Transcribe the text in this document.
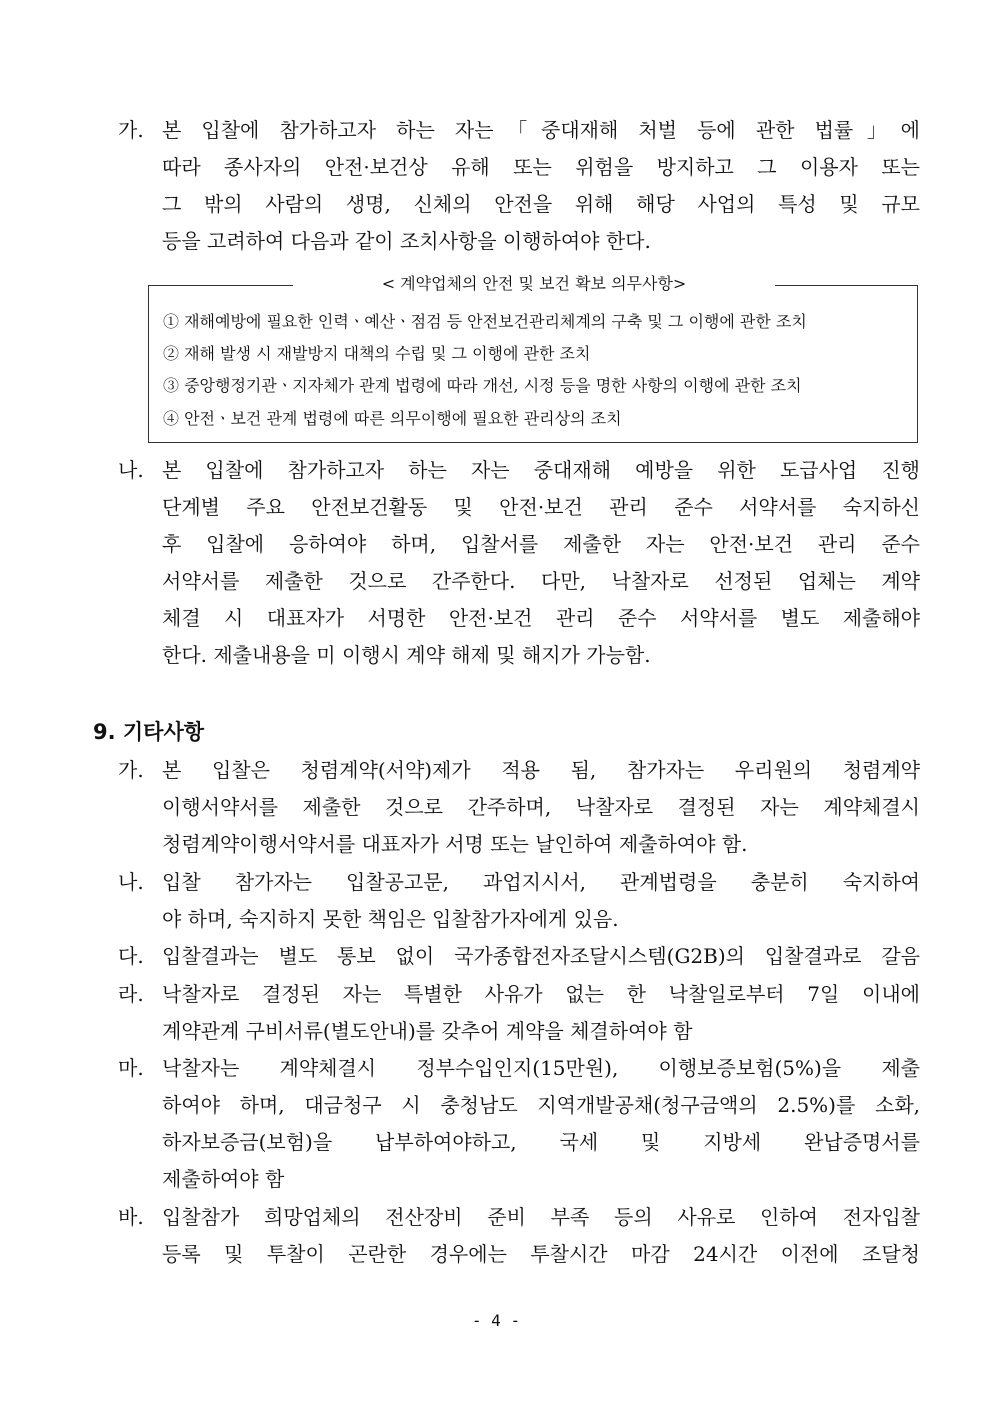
가. 본 입찰에 참가하고자 하는 자는「중대재해 처벌 등에 관한 법률」에
따라 종사자의 안전·보건상 유해 또는 위험을 방지하고 그 이용자 또는
그 밖의 사람의 생명, 신체의 안전을 위해 해당 사업의 특성 및 규모
등을 고려하여 다음과 같이 조치사항을 이행하여야 한다.
< 계약업체의 안전 및 보건 확보 의무사항>
① 재해예방에 필요한 인력ㆍ예산ㆍ점검 등 안전보건관리체계의 구축 및 그 이행에 관한 조치
② 재해 발생 시 재발방지 대책의 수립 및 그 이행에 관한 조치
③ 중앙행정기관ㆍ지자체가 관계 법령에 따라 개선, 시정 등을 명한 사항의 이행에 관한 조치
④ 안전ㆍ보건 관계 법령에 따른 의무이행에 필요한 관리상의 조치
나. 본 입찰에 참가하고자 하는 자는 중대재해 예방을 위한 도급사업 진행
단계별 주요 안전보건활동 및 안전·보건 관리 준수 서약서를 숙지하신
후 입찰에 응하여야 하며, 입찰서를 제출한 자는 안전·보건 관리 준수
서약서를 제출한 것으로 간주한다. 다만, 낙찰자로 선정된 업체는 계약
체결 시 대표자가 서명한 안전·보건 관리 준수 서약서를 별도 제출해야
한다. 제출내용을 미 이행시 계약 해제 및 해지가 가능함.
9. 기타사항
가. 본 입찰은 청렴계약(서약)제가 적용 됨, 참가자는 우리원의 청렴계약
이행서약서를 제출한 것으로 간주하며, 낙찰자로 결정된 자는 계약체결시
청렴계약이행서약서를 대표자가 서명 또는 날인하여 제출하여야 함.
나. 입찰 참가자는 입찰공고문, 과업지시서, 관계법령을 충분히 숙지하여
야 하며, 숙지하지 못한 책임은 입찰참가자에게 있음.
다. 입찰결과는 별도 통보 없이 국가종합전자조달시스템(G2B)의 입찰결과로 갈음
라. 낙찰자로 결정된 자는 특별한 사유가 없는 한 낙찰일로부터 7일 이내에
계약관계 구비서류(별도안내)를 갖추어 계약을 체결하여야 함
마. 낙찰자는 계약체결시 정부수입인지(15만원), 이행보증보험(5%)을 제출
하여야 하며, 대금청구 시 충청남도 지역개발공채(청구금액의 2.5%)를 소화,
하자보증금(보험)을 납부하여야하고, 국세 및 지방세 완납증명서를
제출하여야 함
바. 입찰참가 희망업체의 전산장비 준비 부족 등의 사유로 인하여 전자입찰
등록 및 투찰이 곤란한 경우에는 투찰시간 마감 24시간 이전에 조달청
- 4 -
